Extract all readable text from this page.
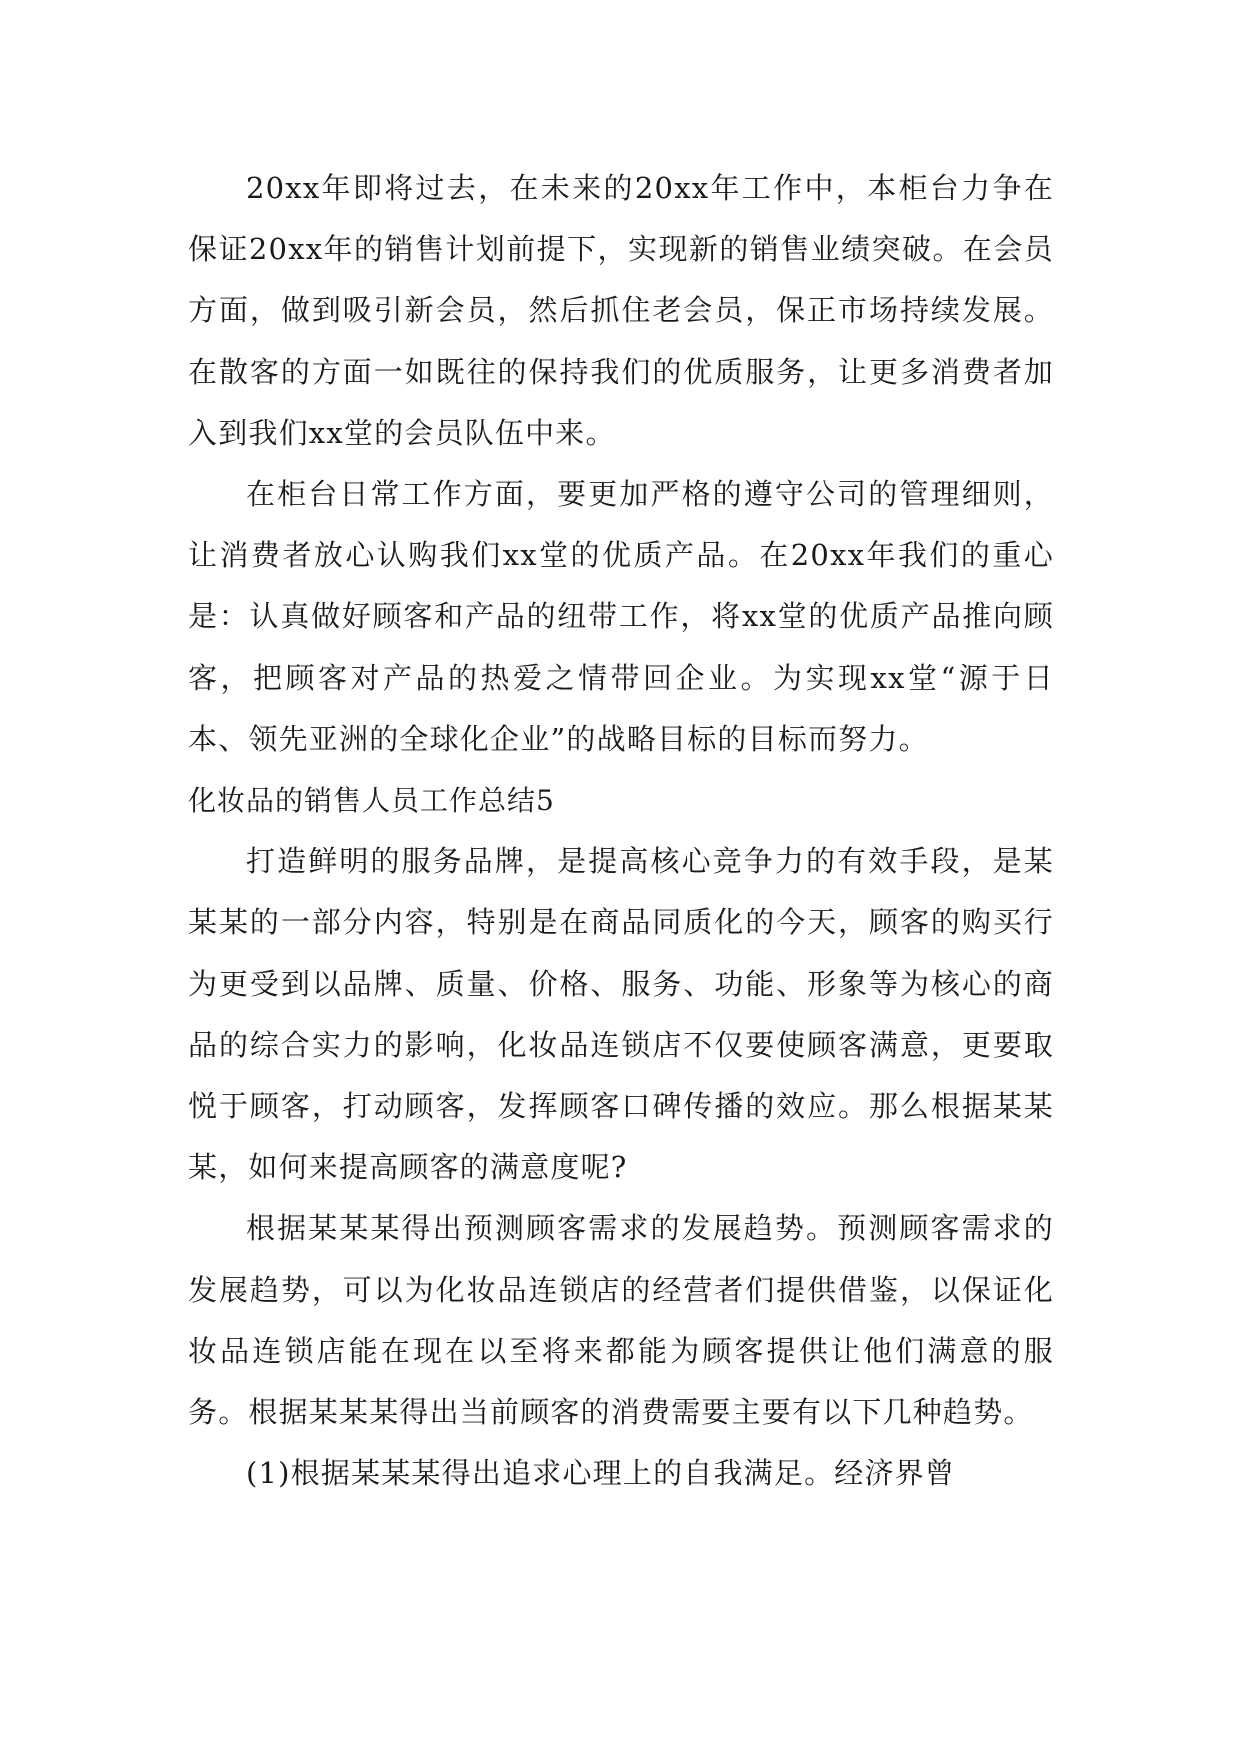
20xx年即将过去，在未来的20xx年工作中，本柜台力争在保证20xx年的销售计划前提下，实现新的销售业绩突破。在会员方面，做到吸引新会员，然后抓住老会员，保正市场持续发展。在散客的方面一如既往的保持我们的优质服务，让更多消费者加入到我们xx堂的会员队伍中来。

在柜台日常工作方面，要更加严格的遵守公司的管理细则，让消费者放心认购我们xx堂的优质产品。在20xx年我们的重心是：认真做好顾客和产品的纽带工作，将xx堂的优质产品推向顾客，把顾客对产品的热爱之情带回企业。为实现xx堂“源于日本、领先亚洲的全球化企业”的战略目标的目标而努力。

化妆品的销售人员工作总结5

打造鲜明的服务品牌，是提高核心竞争力的有效手段，是某某某的一部分内容，特别是在商品同质化的今天，顾客的购买行为更受到以品牌、质量、价格、服务、功能、形象等为核心的商品的综合实力的影响，化妆品连锁店不仅要使顾客满意，更要取悦于顾客，打动顾客，发挥顾客口碑传播的效应。那么根据某某某，如何来提高顾客的满意度呢?

根据某某某得出预测顾客需求的发展趋势。预测顾客需求的发展趋势，可以为化妆品连锁店的经营者们提供借鉴，以保证化妆品连锁店能在现在以至将来都能为顾客提供让他们满意的服务。根据某某某得出当前顾客的消费需要主要有以下几种趋势。

(1)根据某某某得出追求心理上的自我满足。经济界曾
